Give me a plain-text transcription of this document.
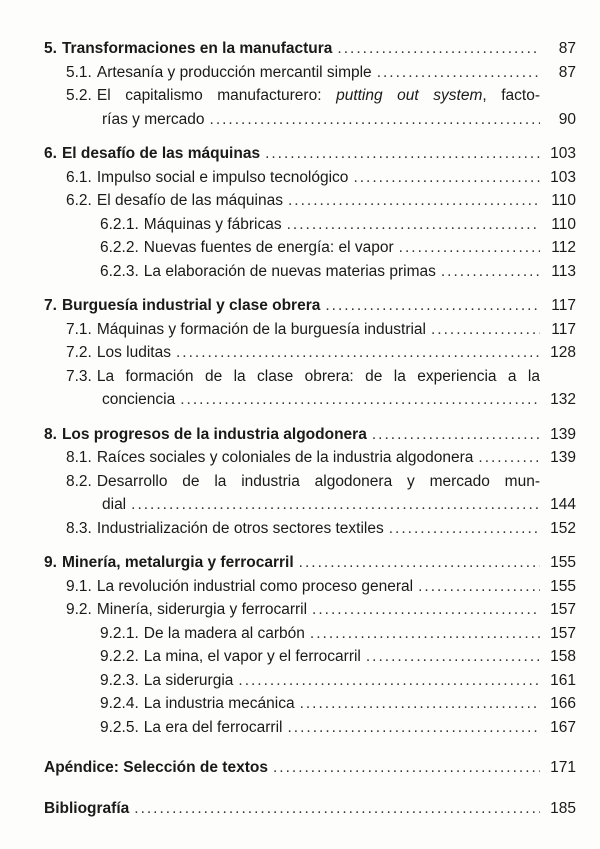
5. Transformaciones en la manufactura .....	87
5.1. Artesanía y producción mercantil simple .....	87
5.2. El capitalismo manufacturero: putting out system, facto-
rías y mercado .....	90
6. El desafío de las máquinas .....	103
6.1. Impulso social e impulso tecnológico .....	103
6.2. El desafío de las máquinas .....	110
6.2.1. Máquinas y fábricas .....	110
6.2.2. Nuevas fuentes de energía: el vapor .....	112
6.2.3. La elaboración de nuevas materias primas .....	113
7. Burguesía industrial y clase obrera .....	117
7.1. Máquinas y formación de la burguesía industrial .....	117
7.2. Los luditas .....	128
7.3. La formación de la clase obrera: de la experiencia a la
conciencia .....	132
8. Los progresos de la industria algodonera .....	139
8.1. Raíces sociales y coloniales de la industria algodonera .....	139
8.2. Desarrollo de la industria algodonera y mercado mun-
dial .....	144
8.3. Industrialización de otros sectores textiles .....	152
9. Minería, metalurgia y ferrocarril .....	155
9.1. La revolución industrial como proceso general .....	155
9.2. Minería, siderurgia y ferrocarril .....	157
9.2.1. De la madera al carbón .....	157
9.2.2. La mina, el vapor y el ferrocarril .....	158
9.2.3. La siderurgia .....	161
9.2.4. La industria mecánica .....	166
9.2.5. La era del ferrocarril .....	167
Apéndice: Selección de textos .....	171
Bibliografía .....	185
